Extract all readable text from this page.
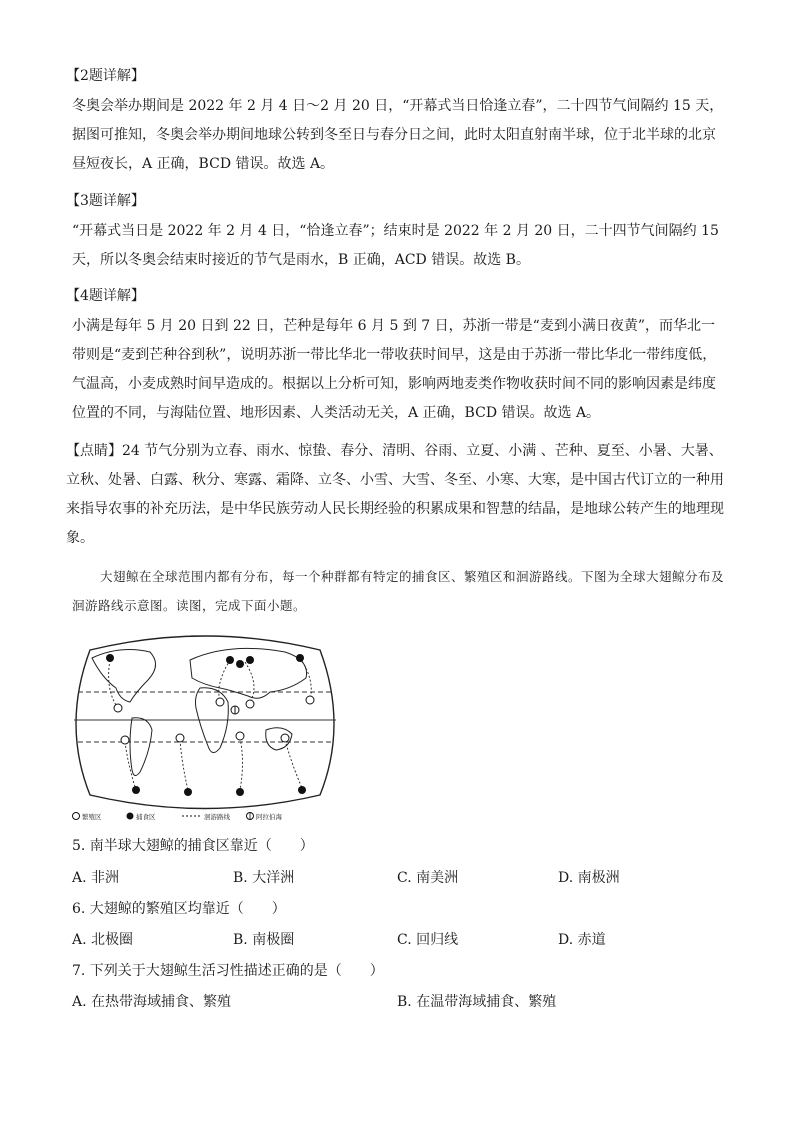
【2题详解】

冬奥会举办期间是 2022 年 2 月 4 日～2 月 20 日，“开幕式当日恰逢立春”，二十四节气间隔约 15 天，据图可推知，冬奥会举办期间地球公转到冬至日与春分日之间，此时太阳直射南半球，位于北半球的北京昼短夜长，A 正确，BCD 错误。故选 A。

【3题详解】

“开幕式当日是 2022 年 2 月 4 日，“恰逢立春”；结束时是 2022 年 2 月 20 日，二十四节气间隔约 15 天，所以冬奥会结束时接近的节气是雨水，B 正确，ACD 错误。故选 B。

【4题详解】

小满是每年 5 月 20 日到 22 日，芒种是每年 6 月 5 到 7 日，苏浙一带是“麦到小满日夜黄”，而华北一带则是“麦到芒种谷到秋”，说明苏浙一带比华北一带收获时间早，这是由于苏浙一带比华北一带纬度低，气温高，小麦成熟时间早造成的。根据以上分析可知，影响两地麦类作物收获时间不同的影响因素是纬度位置的不同，与海陆位置、地形因素、人类活动无关，A 正确，BCD 错误。故选 A。

【点睛】24 节气分别为立春、雨水、惊蛰、春分、清明、谷雨、立夏、小满 、芒种、夏至、小暑、大暑、立秋、处暑、白露、秋分、寒露、霜降、立冬、小雪、大雪、冬至、小寒、大寒，是中国古代订立的一种用来指导农事的补充历法，是中华民族劳动人民长期经验的积累成果和智慧的结晶，是地球公转产生的地理现象。

大翅鲸在全球范围内都有分布，每一个种群都有特定的捕食区、繁殖区和洄游路线。下图为全球大翅鲸分布及洄游路线示意图。读图，完成下面小题。

繁殖区	捕食区	洄游路线	阿拉伯海

5. 南半球大翅鲸的捕食区靠近（　　）

A. 非洲	B. 大洋洲	C. 南美洲	D. 南极洲

6. 大翅鲸的繁殖区均靠近（　　）

A. 北极圈	B. 南极圈	C. 回归线	D. 赤道

7. 下列关于大翅鲸生活习性描述正确的是（　　）

A. 在热带海域捕食、繁殖	B. 在温带海域捕食、繁殖
